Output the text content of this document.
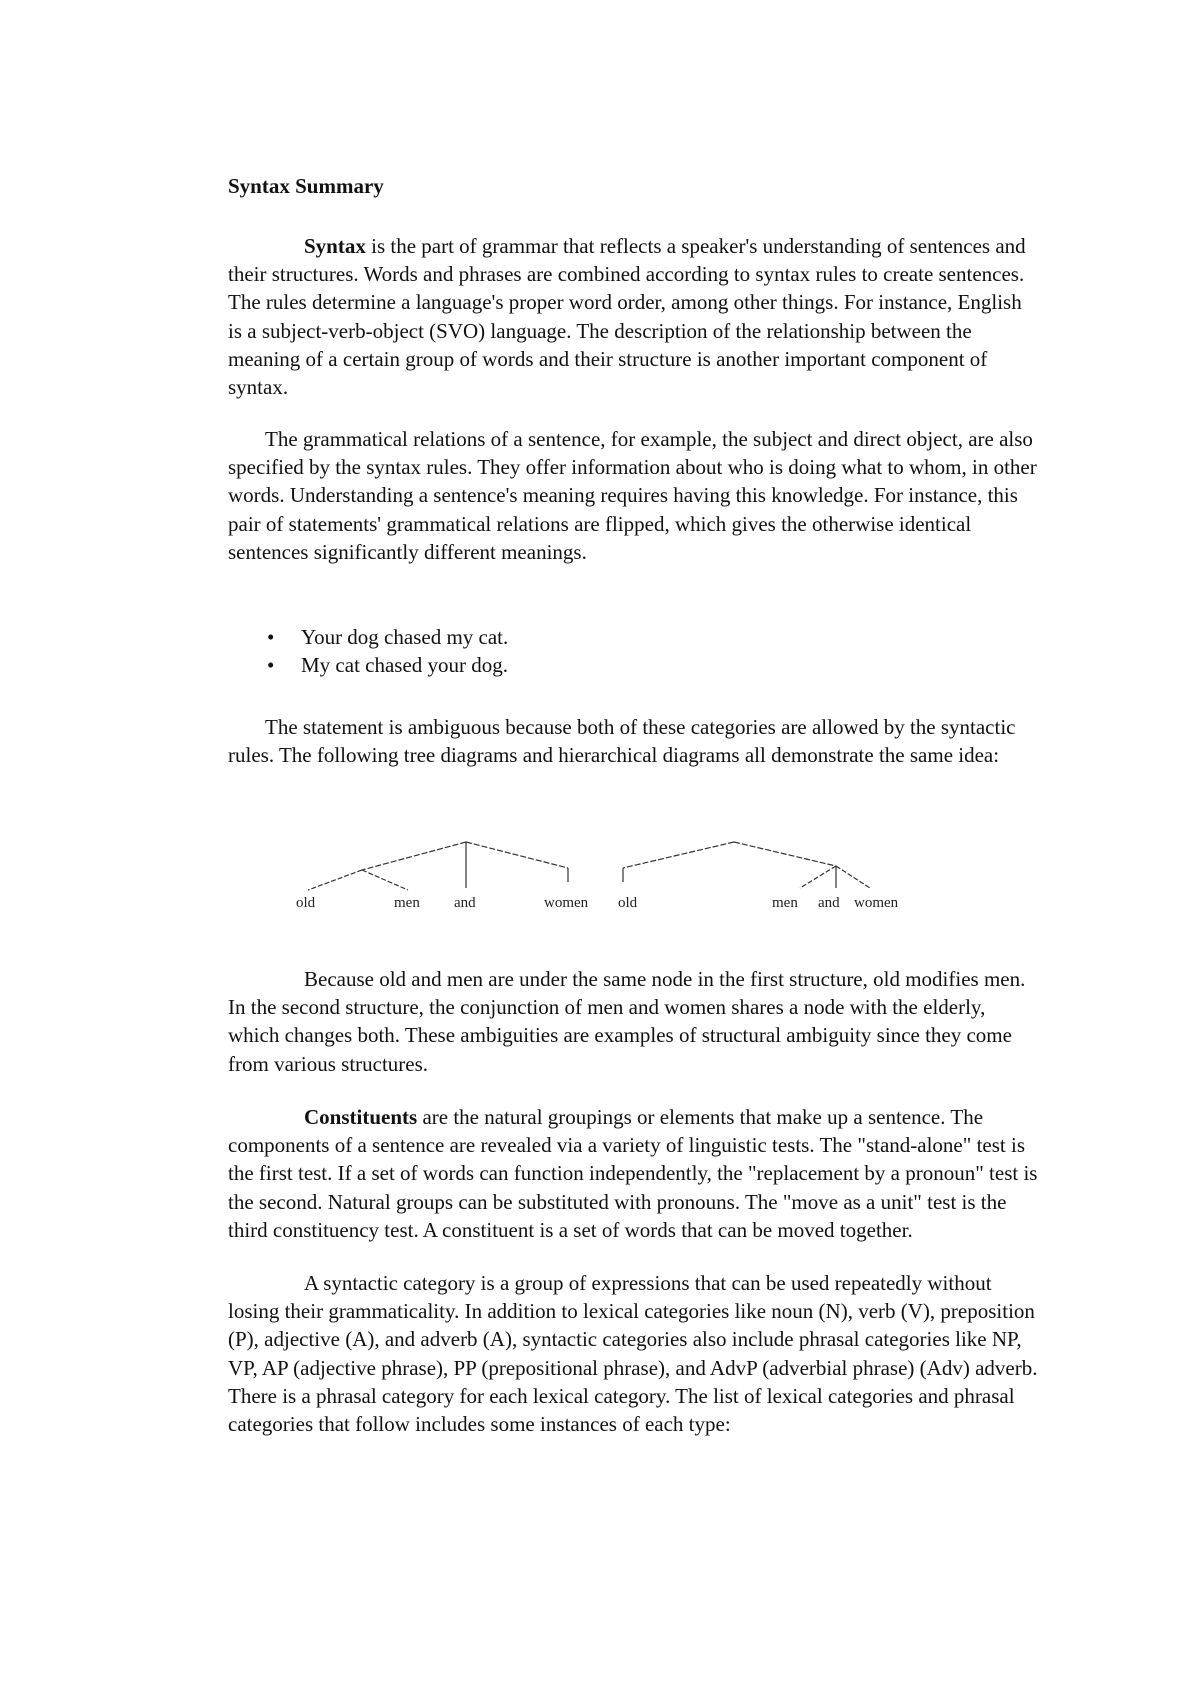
Syntax Summary

Syntax is the part of grammar that reflects a speaker's understanding of sentences and their structures. Words and phrases are combined according to syntax rules to create sentences. The rules determine a language's proper word order, among other things. For instance, English is a subject-verb-object (SVO) language. The description of the relationship between the meaning of a certain group of words and their structure is another important component of syntax.

The grammatical relations of a sentence, for example, the subject and direct object, are also specified by the syntax rules. They offer information about who is doing what to whom, in other words. Understanding a sentence's meaning requires having this knowledge. For instance, this pair of statements' grammatical relations are flipped, which gives the otherwise identical sentences significantly different meanings.

• Your dog chased my cat.
• My cat chased your dog.

The statement is ambiguous because both of these categories are allowed by the syntactic rules. The following tree diagrams and hierarchical diagrams all demonstrate the same idea:

old	men and	women old	men and women

Because old and men are under the same node in the first structure, old modifies men. In the second structure, the conjunction of men and women shares a node with the elderly, which changes both. These ambiguities are examples of structural ambiguity since they come from various structures.

Constituents are the natural groupings or elements that make up a sentence. The components of a sentence are revealed via a variety of linguistic tests. The "stand-alone" test is the first test. If a set of words can function independently, the "replacement by a pronoun" test is the second. Natural groups can be substituted with pronouns. The "move as a unit" test is the third constituency test. A constituent is a set of words that can be moved together.

A syntactic category is a group of expressions that can be used repeatedly without losing their grammaticality. In addition to lexical categories like noun (N), verb (V), preposition (P), adjective (A), and adverb (A), syntactic categories also include phrasal categories like NP, VP, AP (adjective phrase), PP (prepositional phrase), and AdvP (adverbial phrase) (Adv) adverb. There is a phrasal category for each lexical category. The list of lexical categories and phrasal categories that follow includes some instances of each type:
